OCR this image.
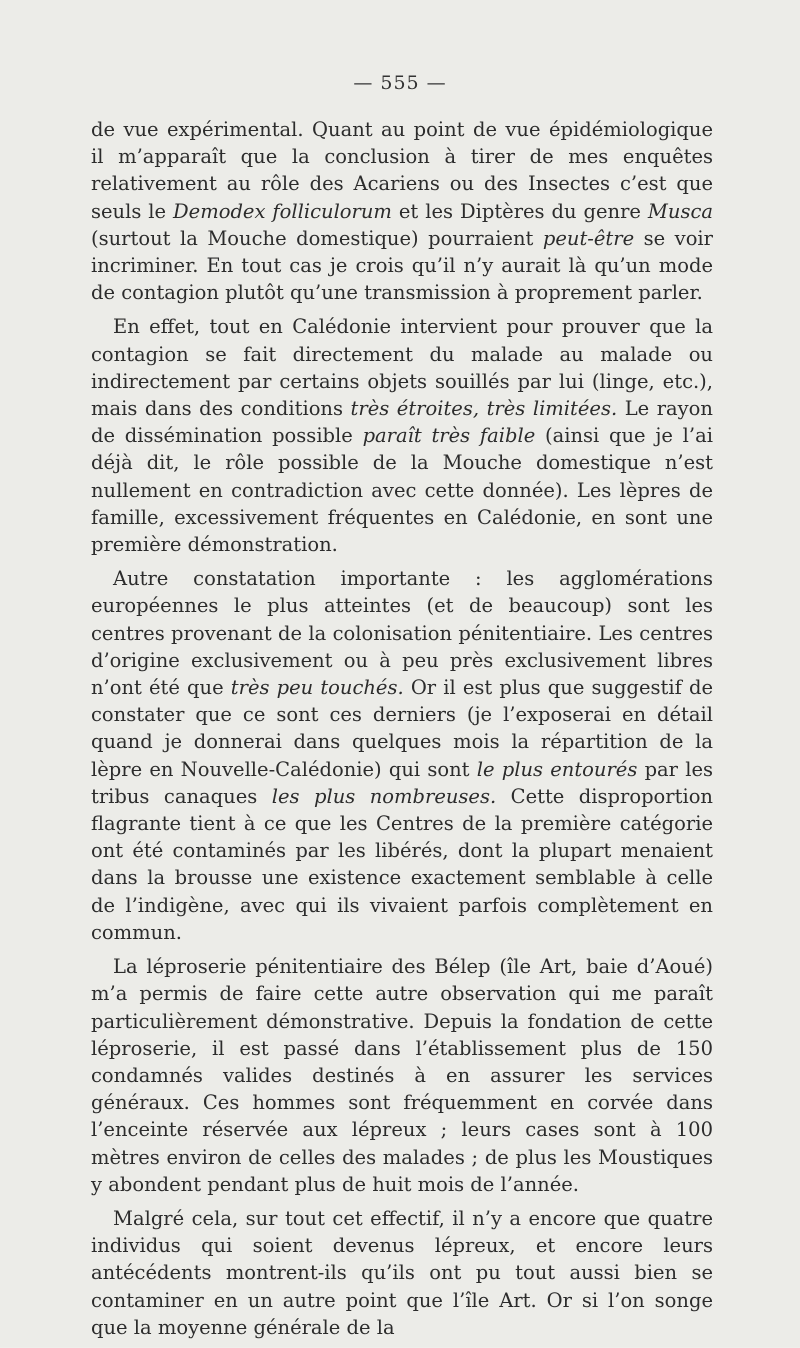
— 555 —

de vue expérimental. Quant au point de vue épidémiologique il m’apparaît que la conclusion à tirer de mes enquêtes relativement au rôle des Acariens ou des Insectes c’est que seuls le Demodex folliculorum et les Diptères du genre Musca (surtout la Mouche domestique) pourraient peut-être se voir incriminer. En tout cas je crois qu’il n’y aurait là qu’un mode de contagion plutôt qu’une transmission à proprement parler.

En effet, tout en Calédonie intervient pour prouver que la contagion se fait directement du malade au malade ou indirectement par certains objets souillés par lui (linge, etc.), mais dans des conditions très étroites, très limitées. Le rayon de dissémination possible paraît très faible (ainsi que je l’ai déjà dit, le rôle possible de la Mouche domestique n’est nullement en contradiction avec cette donnée). Les lèpres de famille, excessivement fréquentes en Calédonie, en sont une première démonstration.

Autre constatation importante : les agglomérations européennes le plus atteintes (et de beaucoup) sont les centres provenant de la colonisation pénitentiaire. Les centres d’origine exclusivement ou à peu près exclusivement libres n’ont été que très peu touchés. Or il est plus que suggestif de constater que ce sont ces derniers (je l’exposerai en détail quand je donnerai dans quelques mois la répartition de la lèpre en Nouvelle-Calédonie) qui sont le plus entourés par les tribus canaques les plus nombreuses. Cette disproportion flagrante tient à ce que les Centres de la première catégorie ont été contaminés par les libérés, dont la plupart menaient dans la brousse une existence exactement semblable à celle de l’indigène, avec qui ils vivaient parfois complètement en commun.

La léproserie pénitentiaire des Bélep (île Art, baie d’Aoué) m’a permis de faire cette autre observation qui me paraît particulièrement démonstrative. Depuis la fondation de cette léproserie, il est passé dans l’établissement plus de 150 condamnés valides destinés à en assurer les services généraux. Ces hommes sont fréquemment en corvée dans l’enceinte réservée aux lépreux ; leurs cases sont à 100 mètres environ de celles des malades ; de plus les Moustiques y abondent pendant plus de huit mois de l’année.

Malgré cela, sur tout cet effectif, il n’y a encore que quatre individus qui soient devenus lépreux, et encore leurs antécédents montrent-ils qu’ils ont pu tout aussi bien se contaminer en un autre point que l’île Art. Or si l’on songe que la moyenne générale de la
